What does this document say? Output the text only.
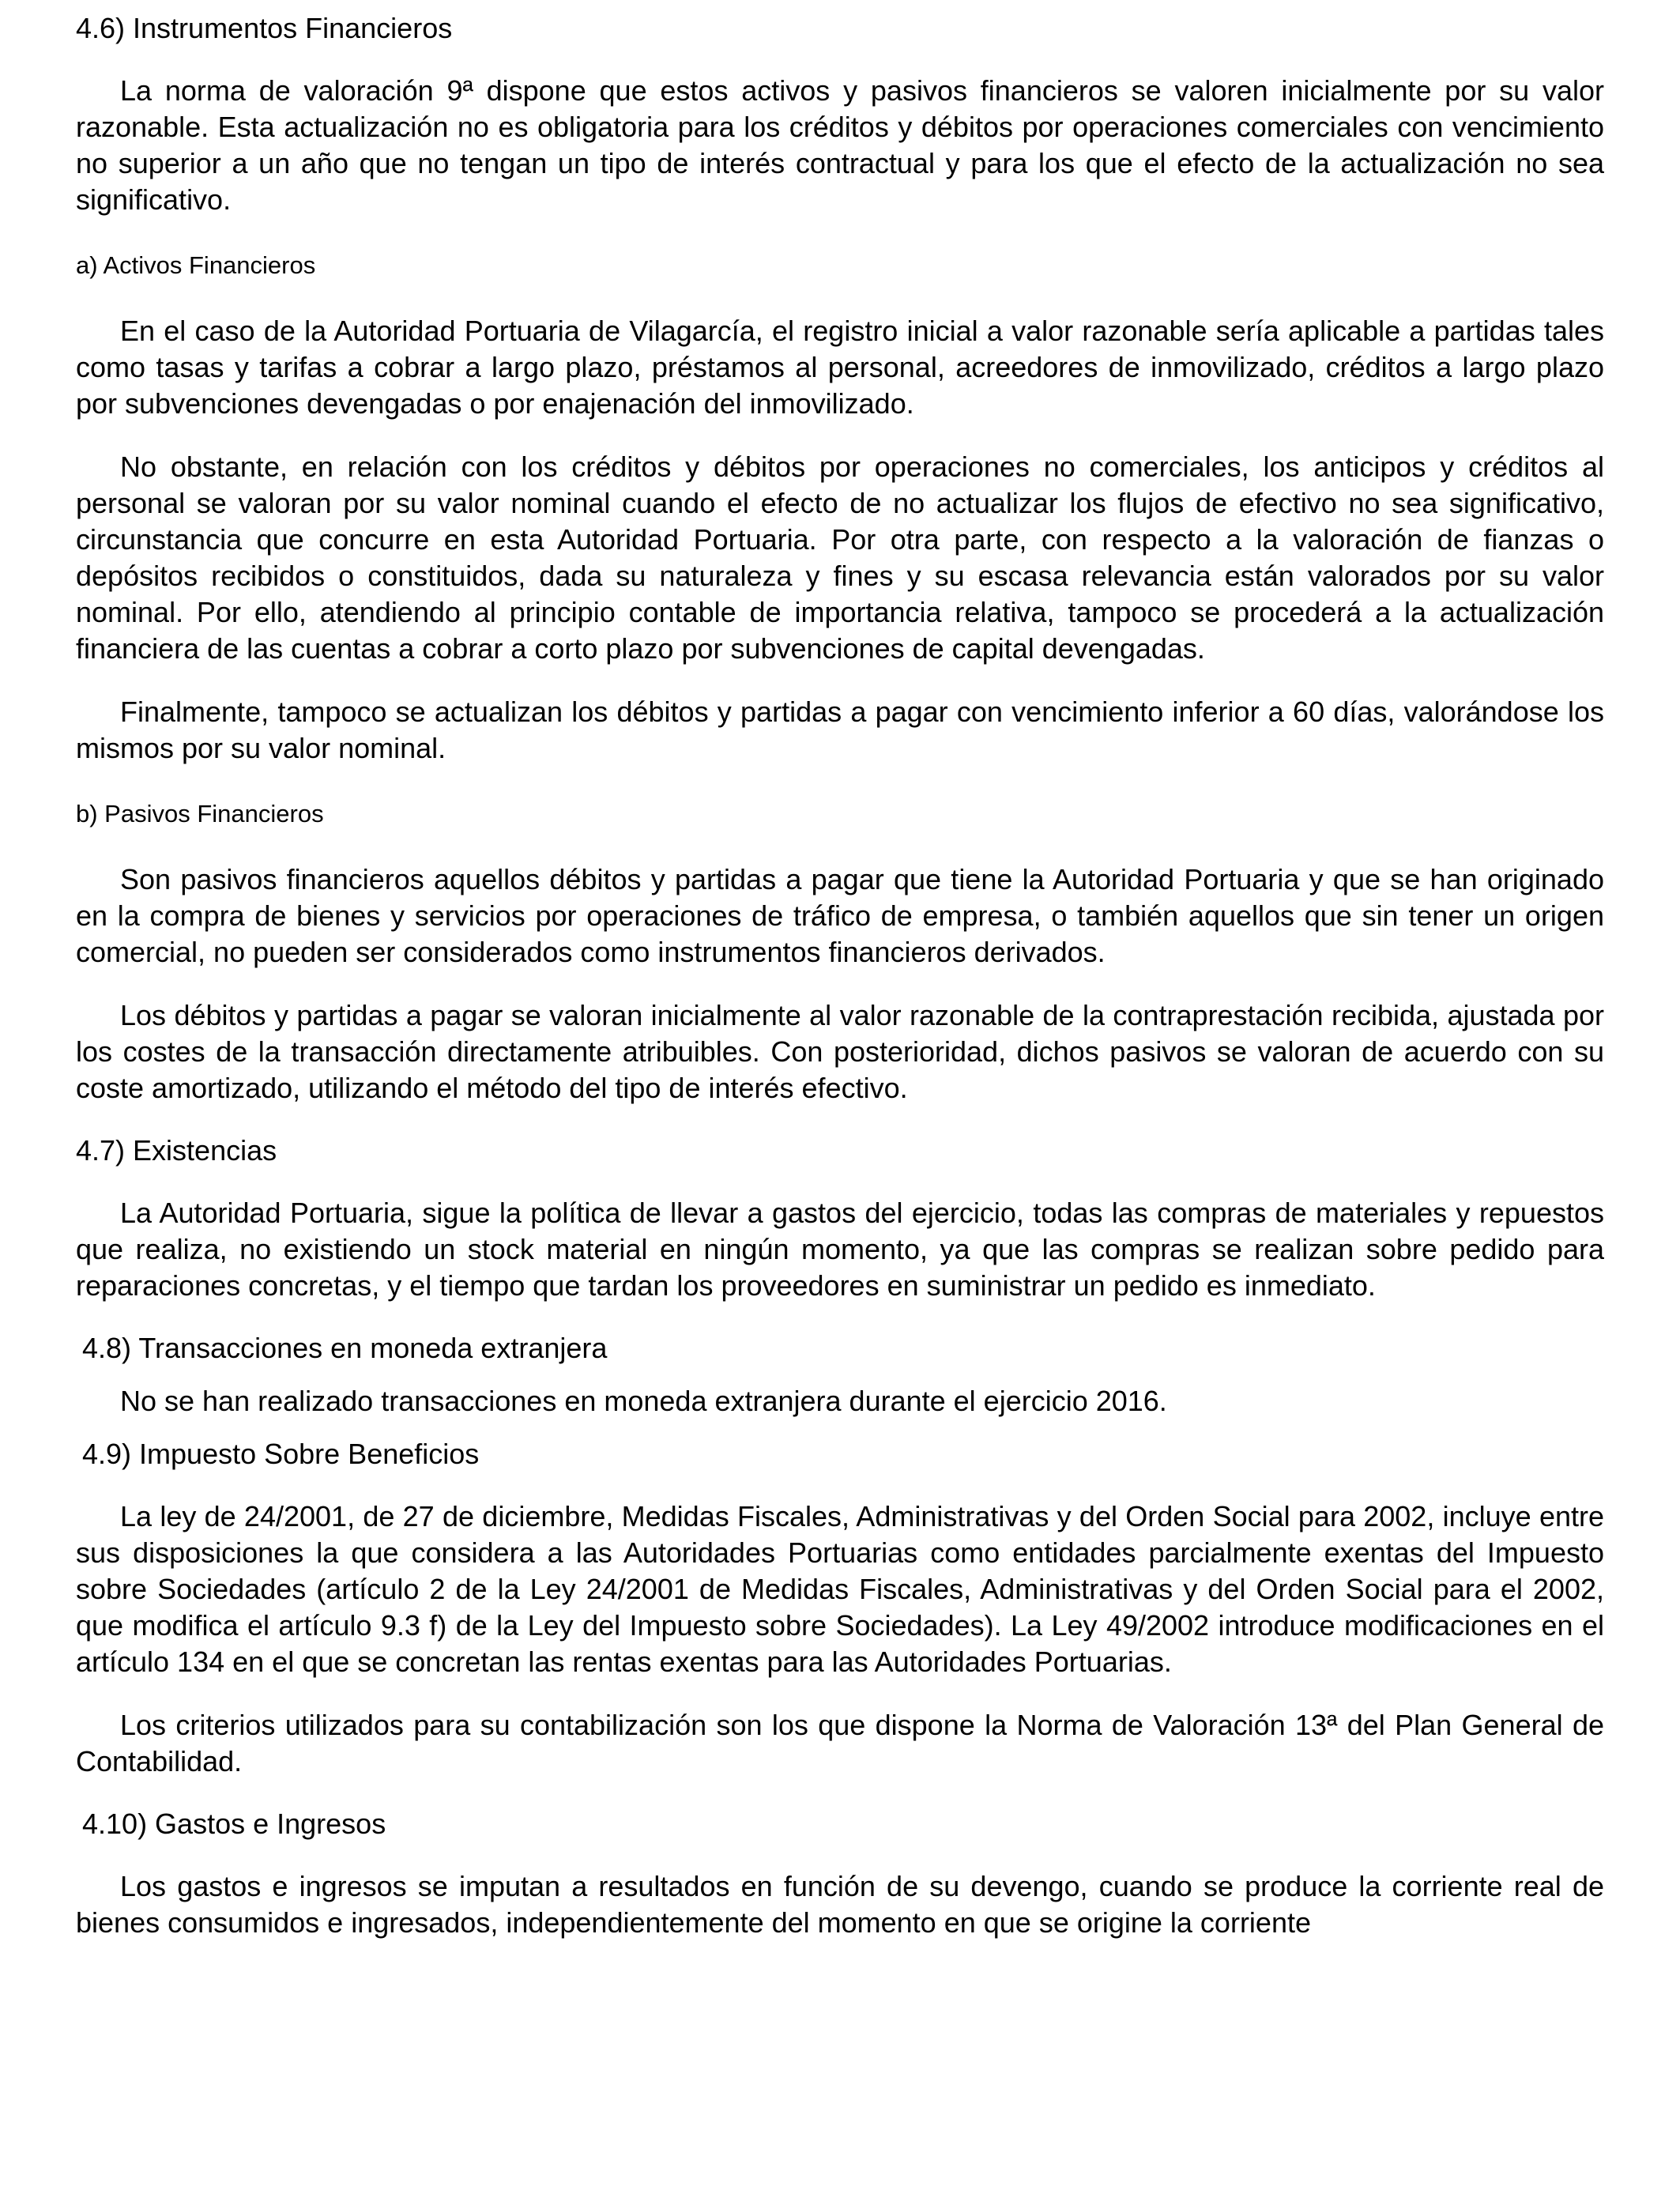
4.6) Instrumentos Financieros

La norma de valoración 9ª dispone que estos activos y pasivos financieros se valoren inicialmente por su valor razonable. Esta actualización no es obligatoria para los créditos y débitos por operaciones comerciales con vencimiento no superior a un año que no tengan un tipo de interés contractual y para los que el efecto de la actualización no sea significativo.

a) Activos Financieros

En el caso de la Autoridad Portuaria de Vilagarcía, el registro inicial a valor razonable sería aplicable a partidas tales como tasas y tarifas a cobrar a largo plazo, préstamos al personal, acreedores de inmovilizado, créditos a largo plazo por subvenciones devengadas o por enajenación del inmovilizado.

No obstante, en relación con los créditos y débitos por operaciones no comerciales, los anticipos y créditos al personal se valoran por su valor nominal cuando el efecto de no actualizar los flujos de efectivo no sea significativo, circunstancia que concurre en esta Autoridad Portuaria. Por otra parte, con respecto a la valoración de fianzas o depósitos recibidos o constituidos, dada su naturaleza y fines y su escasa relevancia están valorados por su valor nominal. Por ello, atendiendo al principio contable de importancia relativa, tampoco se procederá a la actualización financiera de las cuentas a cobrar a corto plazo por subvenciones de capital devengadas.

Finalmente, tampoco se actualizan los débitos y partidas a pagar con vencimiento inferior a 60 días, valorándose los mismos por su valor nominal.

b) Pasivos Financieros

Son pasivos financieros aquellos débitos y partidas a pagar que tiene la Autoridad Portuaria y que se han originado en la compra de bienes y servicios por operaciones de tráfico de empresa, o también aquellos que sin tener un origen comercial, no pueden ser considerados como instrumentos financieros derivados.

Los débitos y partidas a pagar se valoran inicialmente al valor razonable de la contraprestación recibida, ajustada por los costes de la transacción directamente atribuibles. Con posterioridad, dichos pasivos se valoran de acuerdo con su coste amortizado, utilizando el método del tipo de interés efectivo.

4.7) Existencias

La Autoridad Portuaria, sigue la política de llevar a gastos del ejercicio, todas las compras de materiales y repuestos que realiza, no existiendo un stock material en ningún momento, ya que las compras se realizan sobre pedido para reparaciones concretas, y el tiempo que tardan los proveedores en suministrar un pedido es inmediato.

4.8) Transacciones en moneda extranjera

No se han realizado transacciones en moneda extranjera durante el ejercicio 2016.

4.9) Impuesto Sobre Beneficios

La ley de 24/2001, de 27 de diciembre, Medidas Fiscales, Administrativas y del Orden Social para 2002, incluye entre sus disposiciones la que considera a las Autoridades Portuarias como entidades parcialmente exentas del Impuesto sobre Sociedades (artículo 2 de la Ley 24/2001 de Medidas Fiscales, Administrativas y del Orden Social para el 2002, que modifica el artículo 9.3 f) de la Ley del Impuesto sobre Sociedades). La Ley 49/2002 introduce modificaciones en el artículo 134 en el que se concretan las rentas exentas para las Autoridades Portuarias.

Los criterios utilizados para su contabilización son los que dispone la Norma de Valoración 13ª del Plan General de Contabilidad.

4.10) Gastos e Ingresos

Los gastos e ingresos se imputan a resultados en función de su devengo, cuando se produce la corriente real de bienes consumidos e ingresados, independientemente del momento en que se origine la corriente
